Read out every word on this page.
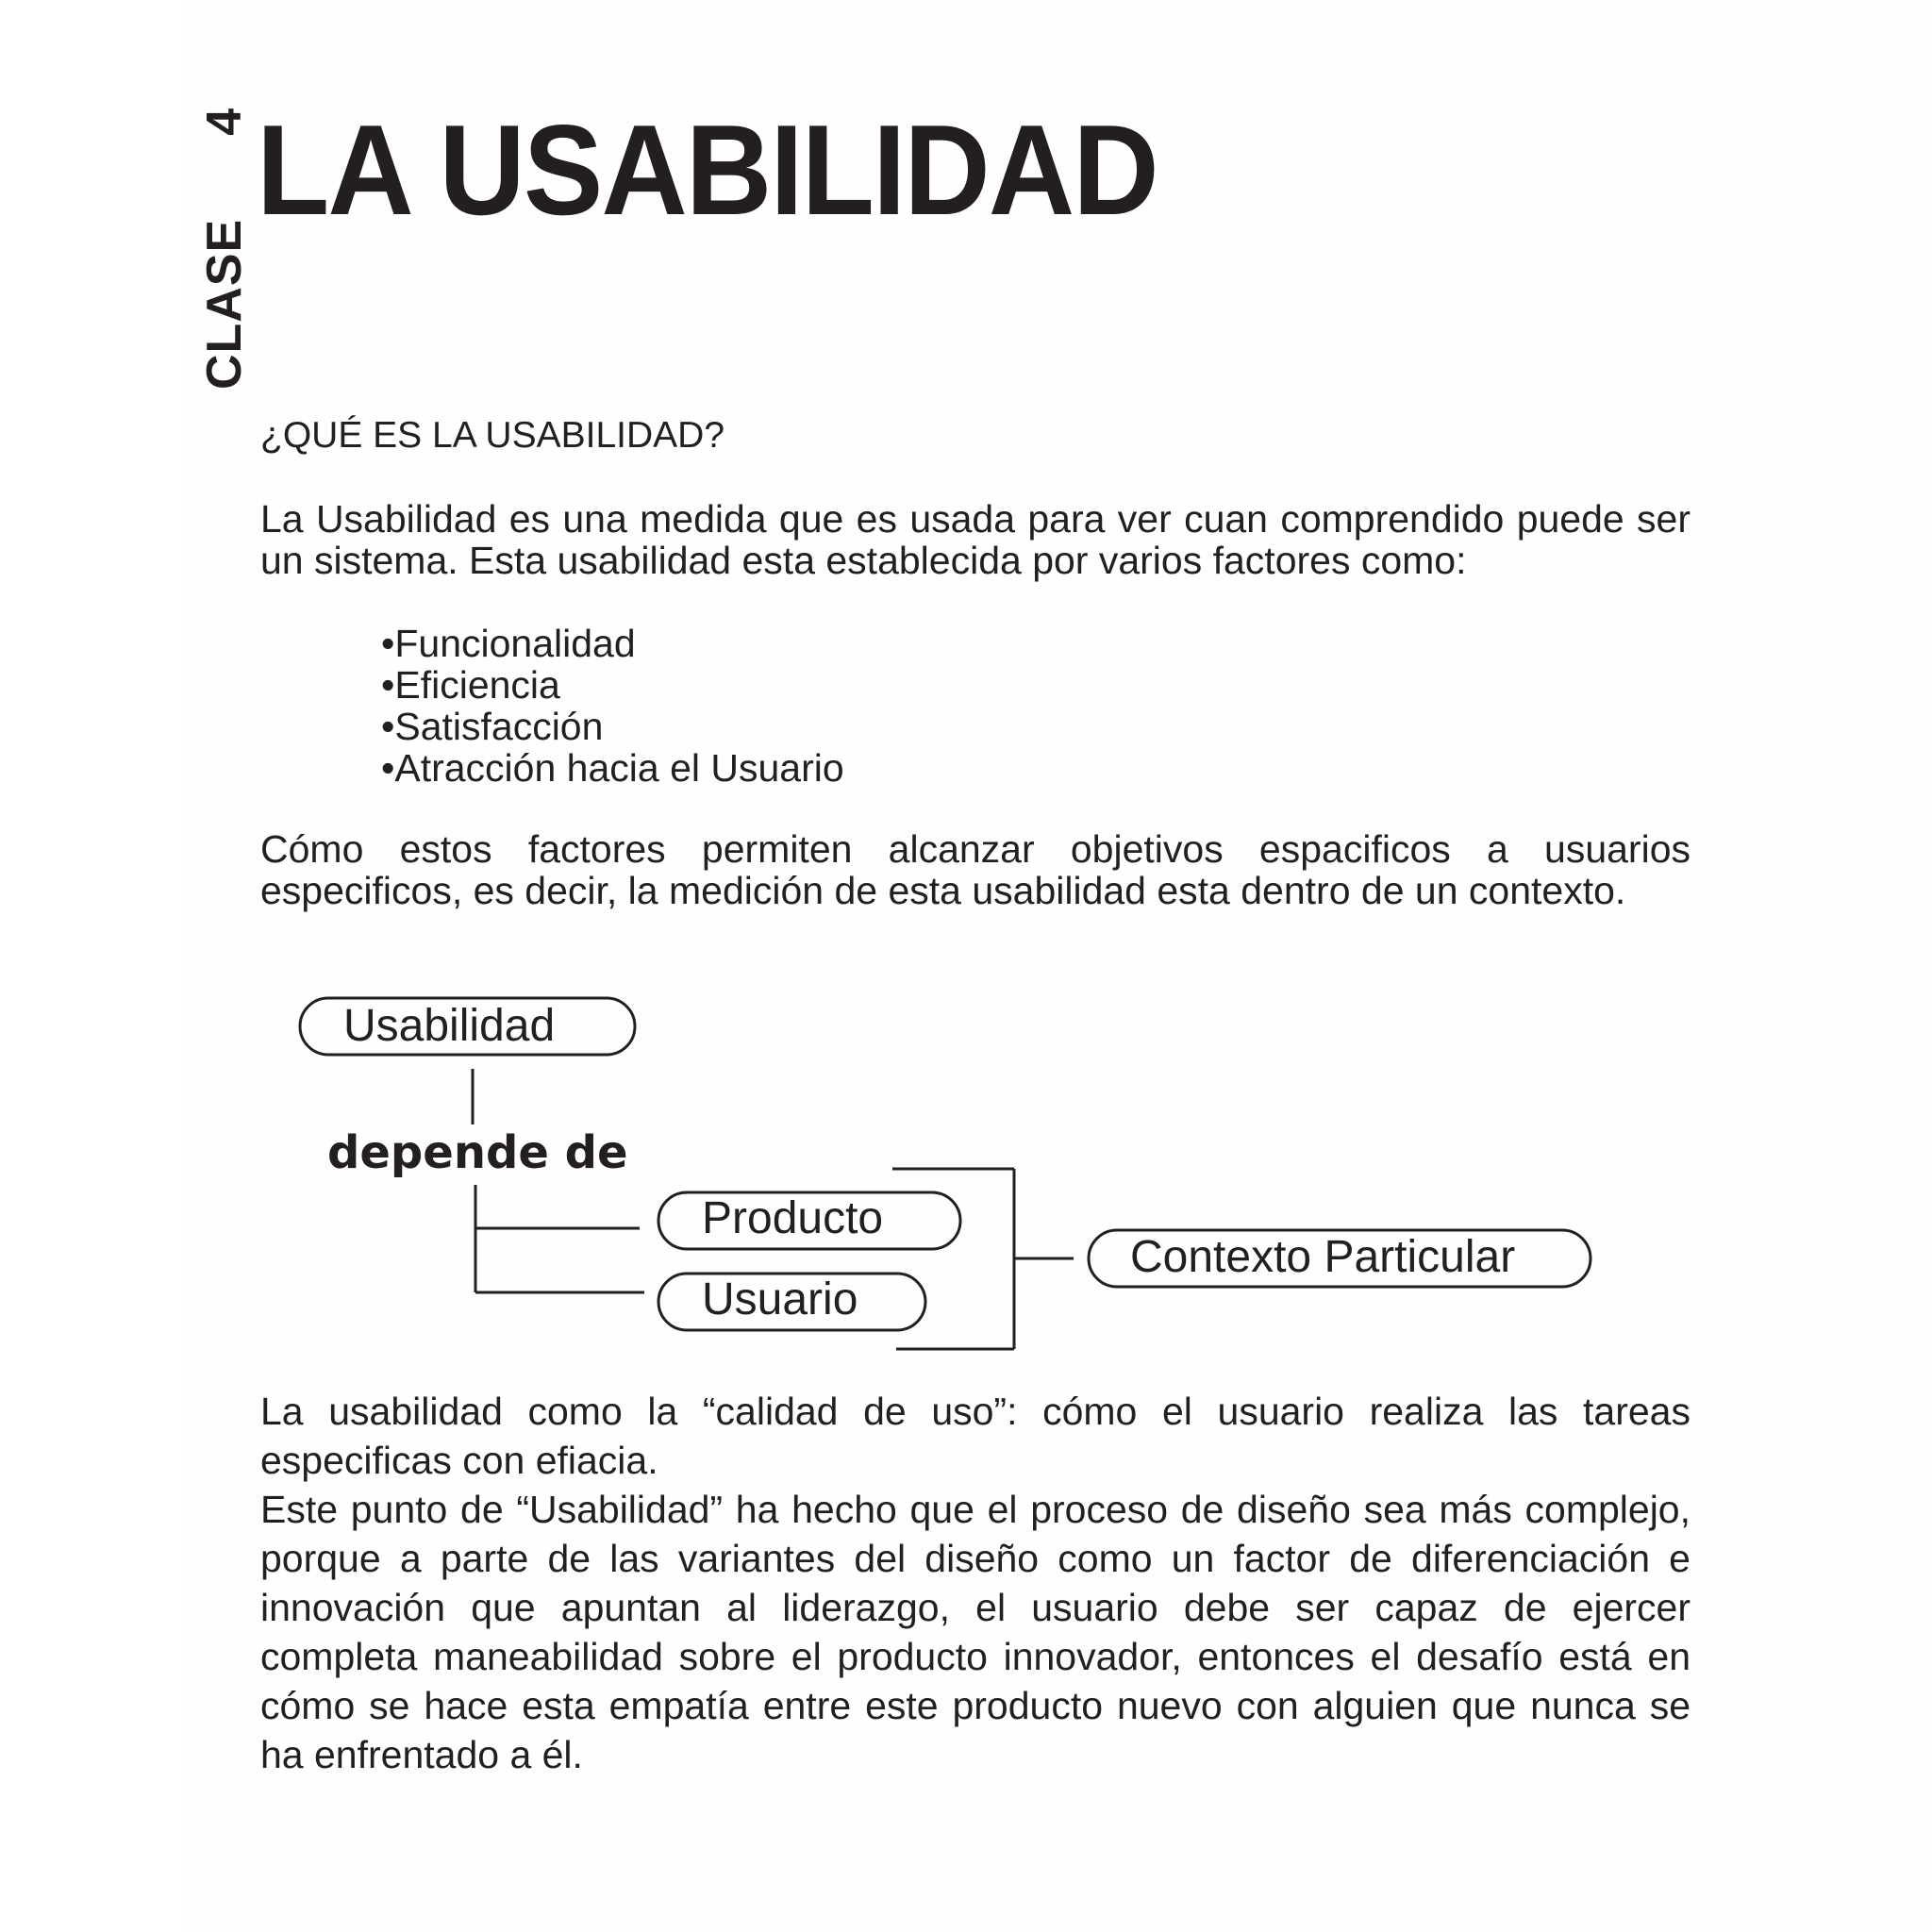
CLASE4 LA USABILIDAD
¿QUÉ ES LA USABILIDAD?

La Usabilidad es una medida que es usada para ver cuan comprendido puede ser un sistema. Esta usabilidad esta establecida por varios factores como:

• Funcionalidad
• Eficiencia
• Satisfacción
• Atracción hacia el Usuario

Cómo estos factores permiten alcanzar objetivos espacificos a usuarios especificos, es decir, la medición de esta usabilidad esta dentro de un contexto.

Usabilidad
depende de
Producto
Usuario
Contexto Particular

La usabilidad como la “calidad de uso”: cómo el usuario realiza las tareas especificas con efiacia.

Este punto de “Usabilidad” ha hecho que el proceso de diseño sea más complejo, porque a parte de las variantes del diseño como un factor de diferenciación e innovación que apuntan al liderazgo, el usuario debe ser capaz de ejercer completa maneabilidad sobre el producto innovador, entonces el desafío está en cómo se hace esta empatía entre este producto nuevo con alguien que nunca se ha enfrentado a él.
